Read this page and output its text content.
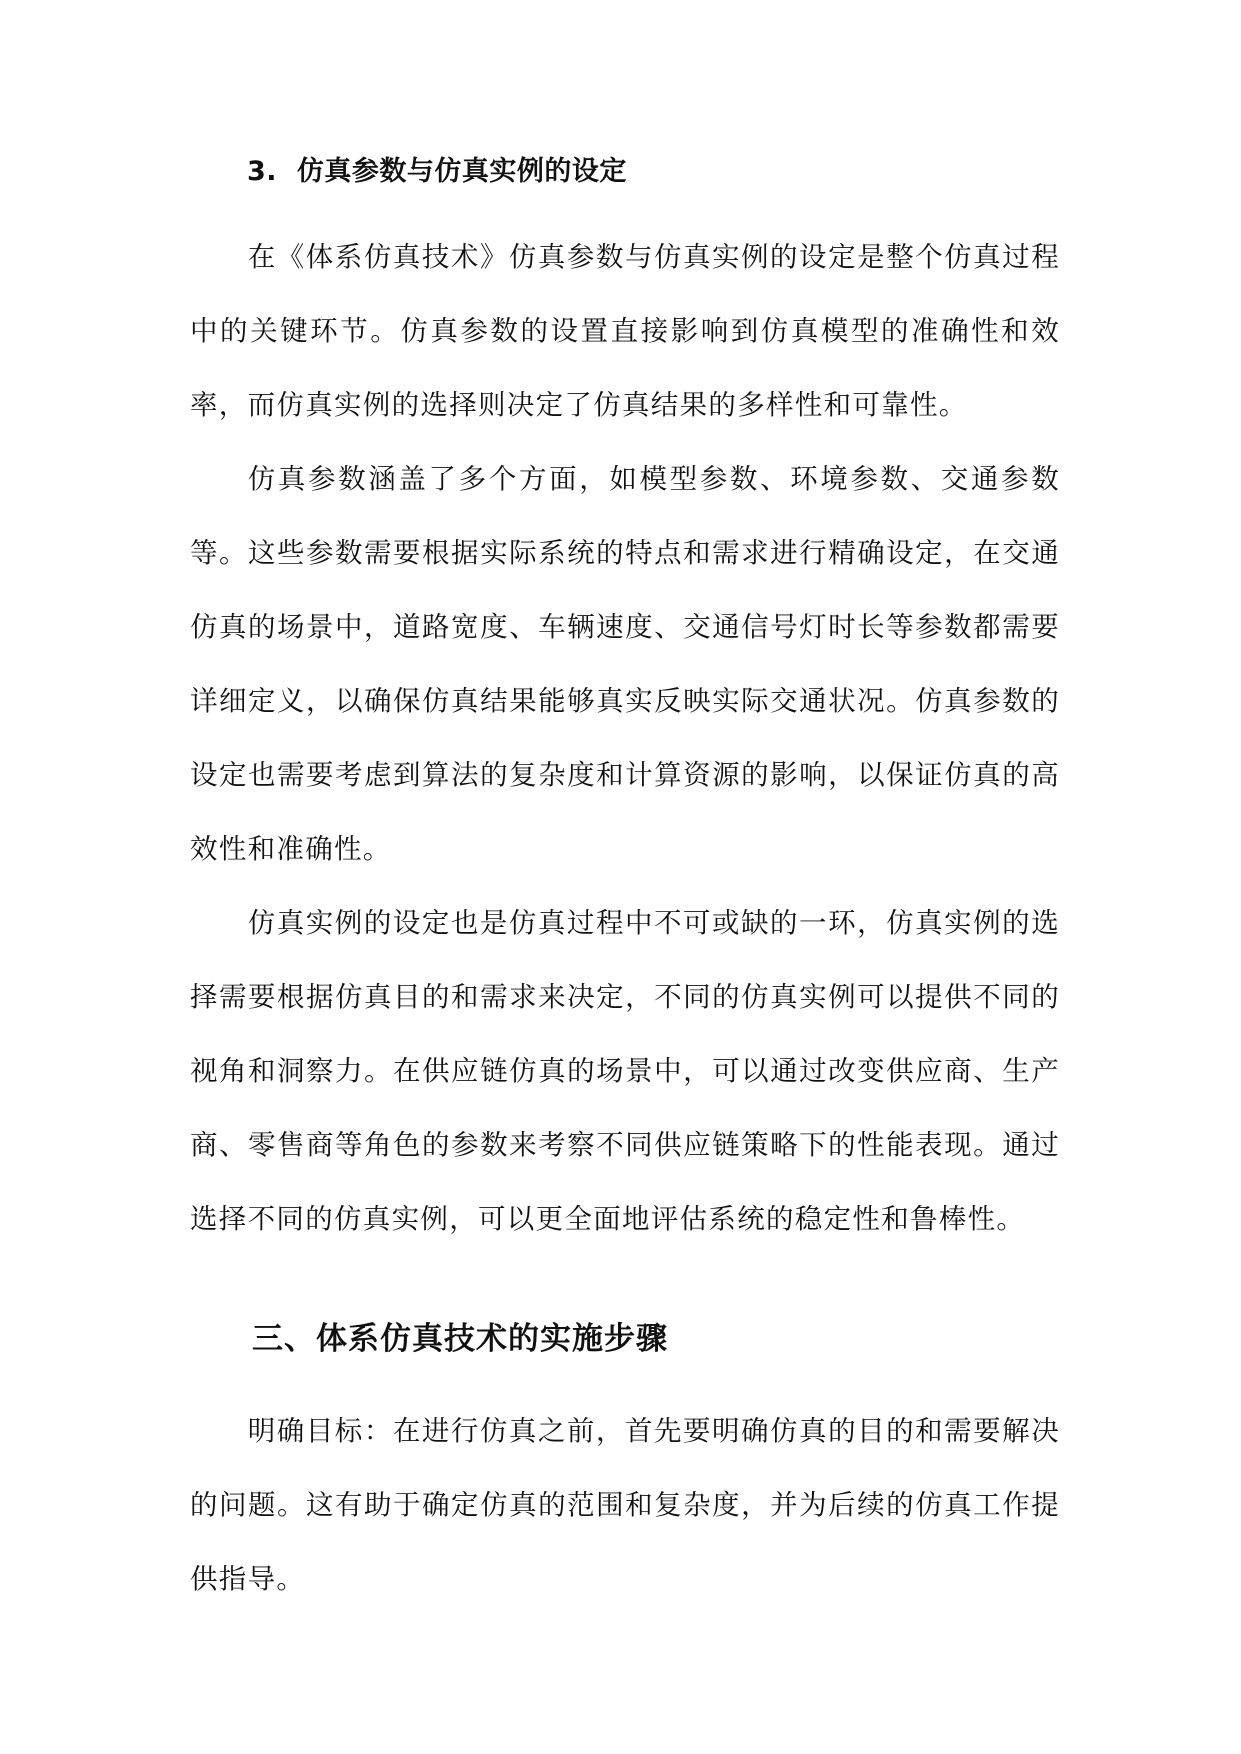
3. 仿真参数与仿真实例的设定

在《体系仿真技术》仿真参数与仿真实例的设定是整个仿真过程中的关键环节。仿真参数的设置直接影响到仿真模型的准确性和效率，而仿真实例的选择则决定了仿真结果的多样性和可靠性。

仿真参数涵盖了多个方面，如模型参数、环境参数、交通参数等。这些参数需要根据实际系统的特点和需求进行精确设定，在交通仿真的场景中，道路宽度、车辆速度、交通信号灯时长等参数都需要详细定义，以确保仿真结果能够真实反映实际交通状况。仿真参数的设定也需要考虑到算法的复杂度和计算资源的影响，以保证仿真的高效性和准确性。

仿真实例的设定也是仿真过程中不可或缺的一环，仿真实例的选择需要根据仿真目的和需求来决定，不同的仿真实例可以提供不同的视角和洞察力。在供应链仿真的场景中，可以通过改变供应商、生产商、零售商等角色的参数来考察不同供应链策略下的性能表现。通过选择不同的仿真实例，可以更全面地评估系统的稳定性和鲁棒性。

三、体系仿真技术的实施步骤

明确目标：在进行仿真之前，首先要明确仿真的目的和需要解决的问题。这有助于确定仿真的范围和复杂度，并为后续的仿真工作提供指导。
